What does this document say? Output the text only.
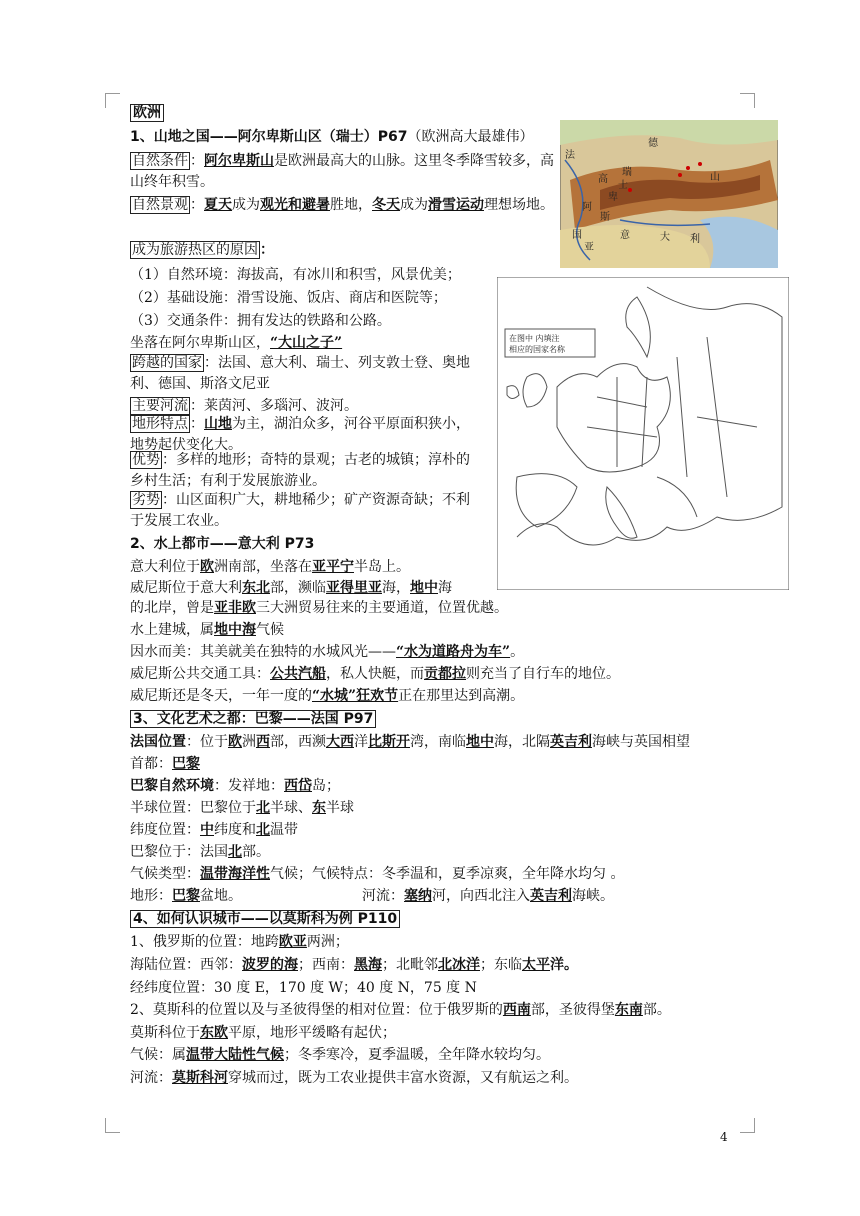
法
德
高
士
瑞
阿
卑
山
斯
意	大 利
亚
国
在图中 内填注
相应的国家名称
欧洲
1、山地之国——阿尔卑斯山区（瑞士）P67（欧洲高大最雄伟）
自然条件 ：阿尔卑斯山是欧洲最高大的山脉。这里冬季降雪较多，高山终年积雪。
自然景观 ：夏天成为观光和避暑胜地，冬天成为滑雪运动理想场地。
成为旅游热区的原因 ：
（1）自然环境：海拔高，有冰川和积雪，风景优美；
（2）基础设施：滑雪设施、饭店、商店和医院等；
（3）交通条件：拥有发达的铁路和公路。
坐落在阿尔卑斯山区，“大山之子”
跨越的国家 ：法国、意大利、瑞士、列支敦士登、奥地利、德国、斯洛文尼亚
主要河流 ：莱茵河、多瑙河、波河。
地形特点 ：山地为主，湖泊众多，河谷平原面积狭小，地势起伏变化大。
优势 ：多样的地形；奇特的景观；古老的城镇；淳朴的乡村生活；有利于发展旅游业。
劣势 ：山区面积广大，耕地稀少；矿产资源奇缺；不利于发展工农业。
2、水上都市——意大利 P73
意大利位于欧洲南部，坐落在亚平宁半岛上。
威尼斯位于意大利东北部，濒临亚得里亚海，地中海
的北岸，曾是亚非欧三大洲贸易往来的主要通道，位置优越。
水上建城，属地中海气候
因水而美：其美就美在独特的水城风光——“水为道路舟为车”。
威尼斯公共交通工具：公共汽船，私人快艇，而贡都拉则充当了自行车的地位。
威尼斯还是冬天，一年一度的“水城”狂欢节正在那里达到高潮。
3、文化艺术之都：巴黎——法国 P97
法国位置：位于欧洲西部，西濒大西洋比斯开湾，南临地中海，北隔英吉利海峡与英国相望
首都：巴黎
巴黎自然环境：发祥地：西岱岛；
半球位置：巴黎位于北半球、东半球
纬度位置：中纬度和北温带
巴黎位于：法国北部。
气候类型：温带海洋性气候；气候特点：冬季温和，夏季凉爽，全年降水均匀 。
地形：巴黎盆地。	河流：塞纳河，向西北注入英吉利海峡。
4、如何认识城市——以莫斯科为例 P110
1、俄罗斯的位置：地跨欧亚两洲；
海陆位置：西邻：波罗的海；西南：黑海；北毗邻北冰洋；东临太平洋。
经纬度位置：30 度 E，170 度 W；40 度 N，75 度 N
2、莫斯科的位置以及与圣彼得堡的相对位置：位于俄罗斯的西南部，圣彼得堡东南部。
莫斯科位于东欧平原，地形平缓略有起伏；
气候：属温带大陆性气候；冬季寒冷，夏季温暖，全年降水较均匀。
河流：莫斯科河穿城而过，既为工农业提供丰富水资源，又有航运之利。
4
